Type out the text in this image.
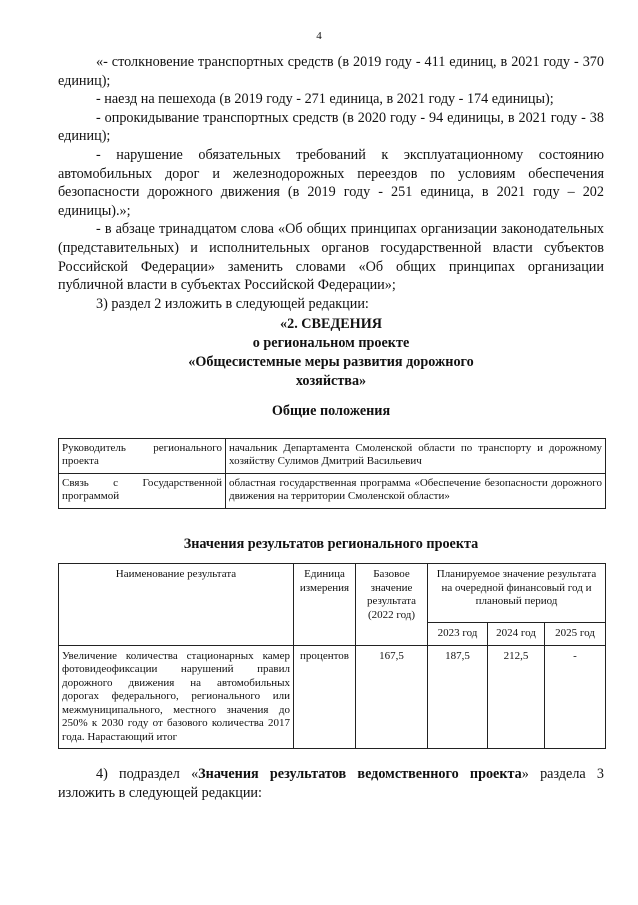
4

«- столкновение транспортных средств (в 2019 году - 411 единиц, в 2021 году - 370 единиц);

- наезд на пешехода (в 2019 году - 271 единица, в 2021 году - 174 единицы);

- опрокидывание транспортных средств (в 2020 году - 94 единицы, в 2021 году - 38 единиц);

- нарушение обязательных требований к эксплуатационному состоянию автомобильных дорог и железнодорожных переездов по условиям обеспечения безопасности дорожного движения (в 2019 году - 251 единица, в 2021 году – 202 единицы).»;

- в абзаце тринадцатом слова «Об общих принципах организации законодательных (представительных) и исполнительных органов государственной власти субъектов Российской Федерации» заменить словами «Об общих принципах организации публичной власти в субъектах Российской Федерации»;

3) раздел 2 изложить в следующей редакции:

«2. СВЕДЕНИЯ
о региональном проекте
«Общесистемные меры развития дорожного
хозяйства»
Общие положения
Руководитель регионального проекта	начальник Департамента Смоленской области по транспорту и дорожному хозяйству Сулимов Дмитрий Васильевич
Связь с Государственной программой	областная государственная программа «Обеспечение безопасности дорожного движения на территории Смоленской области»
Значения результатов регионального проекта
Наименование результата	Единица измерения	Базовое значение результата (2022 год)	Планируемое значение результата на очередной финансовый год и плановый период		
			2023 год	2024 год	2025 год
Увеличение количества стационарных камер фотовидеофиксации нарушений правил дорожного движения на автомобильных дорогах федерального, регионального или межмуниципального, местного значения до 250% к 2030 году от базового количества 2017 года. Нарастающий итог	процентов	167,5	187,5	212,5	-

4) подраздел «Значения результатов ведомственного проекта» раздела 3 изложить в следующей редакции:
